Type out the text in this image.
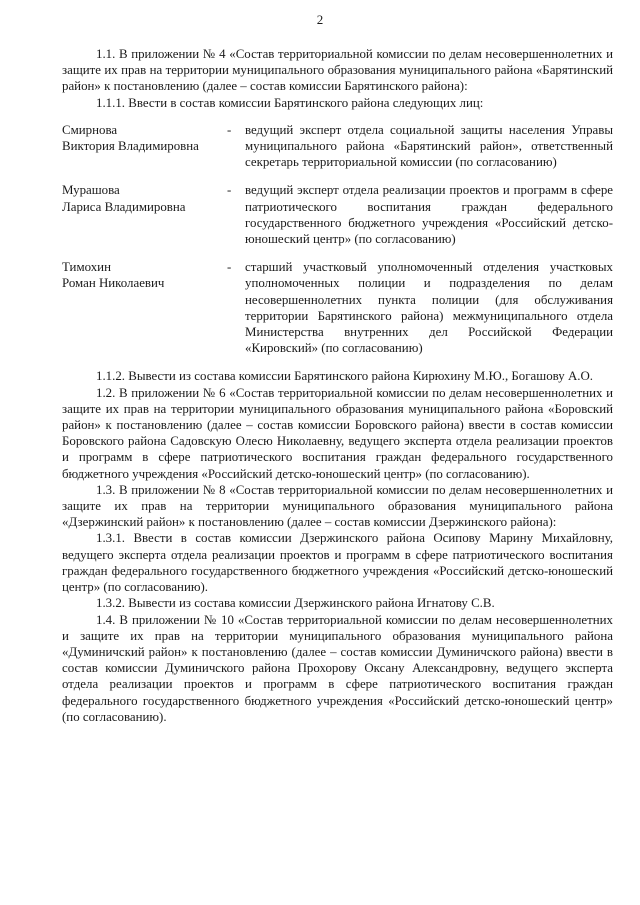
2

1.1. В приложении № 4 «Состав территориальной комиссии по делам несовершеннолетних и защите их прав на территории муниципального образования муниципального района «Барятинский район» к постановлению (далее – состав комиссии Барятинского района):

1.1.1. Ввести в состав комиссии Барятинского района следующих лиц:

Смирнова
Виктория Владимировна
-	ведущий эксперт отдела социальной защиты населения Управы муниципального района «Барятинский район», ответственный секретарь территориальной комиссии (по согласованию)
Мурашова
Лариса Владимировна
-	ведущий эксперт отдела реализации проектов и программ в сфере патриотического воспитания граждан федерального государственного бюджетного учреждения «Российский детско-юношеский центр» (по согласованию)
Тимохин
Роман Николаевич
-	старший участковый уполномоченный отделения участковых уполномоченных полиции и подразделения по делам несовершеннолетних пункта полиции (для обслуживания территории Барятинского района) межмуниципального отдела Министерства внутренних дел Российской Федерации «Кировский» (по согласованию)

1.1.2. Вывести из состава комиссии Барятинского района Кирюхину М.Ю., Богашову А.О.

1.2. В приложении № 6 «Состав территориальной комиссии по делам несовершеннолетних и защите их прав на территории муниципального образования муниципального района «Боровский район» к постановлению (далее – состав комиссии Боровского района) ввести в состав комиссии Боровского района Садовскую Олесю Николаевну, ведущего эксперта отдела реализации проектов и программ в сфере патриотического воспитания граждан федерального государственного бюджетного учреждения «Российский детско-юношеский центр» (по согласованию).

1.3. В приложении № 8 «Состав территориальной комиссии по делам несовершеннолетних и защите их прав на территории муниципального образования муниципального района «Дзержинский район» к постановлению (далее – состав комиссии Дзержинского района):

1.3.1. Ввести в состав комиссии Дзержинского района Осипову Марину Михайловну, ведущего эксперта отдела реализации проектов и программ в сфере патриотического воспитания граждан федерального государственного бюджетного учреждения «Российский детско-юношеский центр» (по согласованию).

1.3.2. Вывести из состава комиссии Дзержинского района Игнатову С.В.

1.4. В приложении № 10 «Состав территориальной комиссии по делам несовершеннолетних и защите их прав на территории муниципального образования муниципального района «Думиничский район» к постановлению (далее – состав комиссии Думиничского района) ввести в состав комиссии Думиничского района Прохорову Оксану Александровну, ведущего эксперта отдела реализации проектов и программ в сфере патриотического воспитания граждан федерального государственного бюджетного учреждения «Российский детско-юношеский центр» (по согласованию).
